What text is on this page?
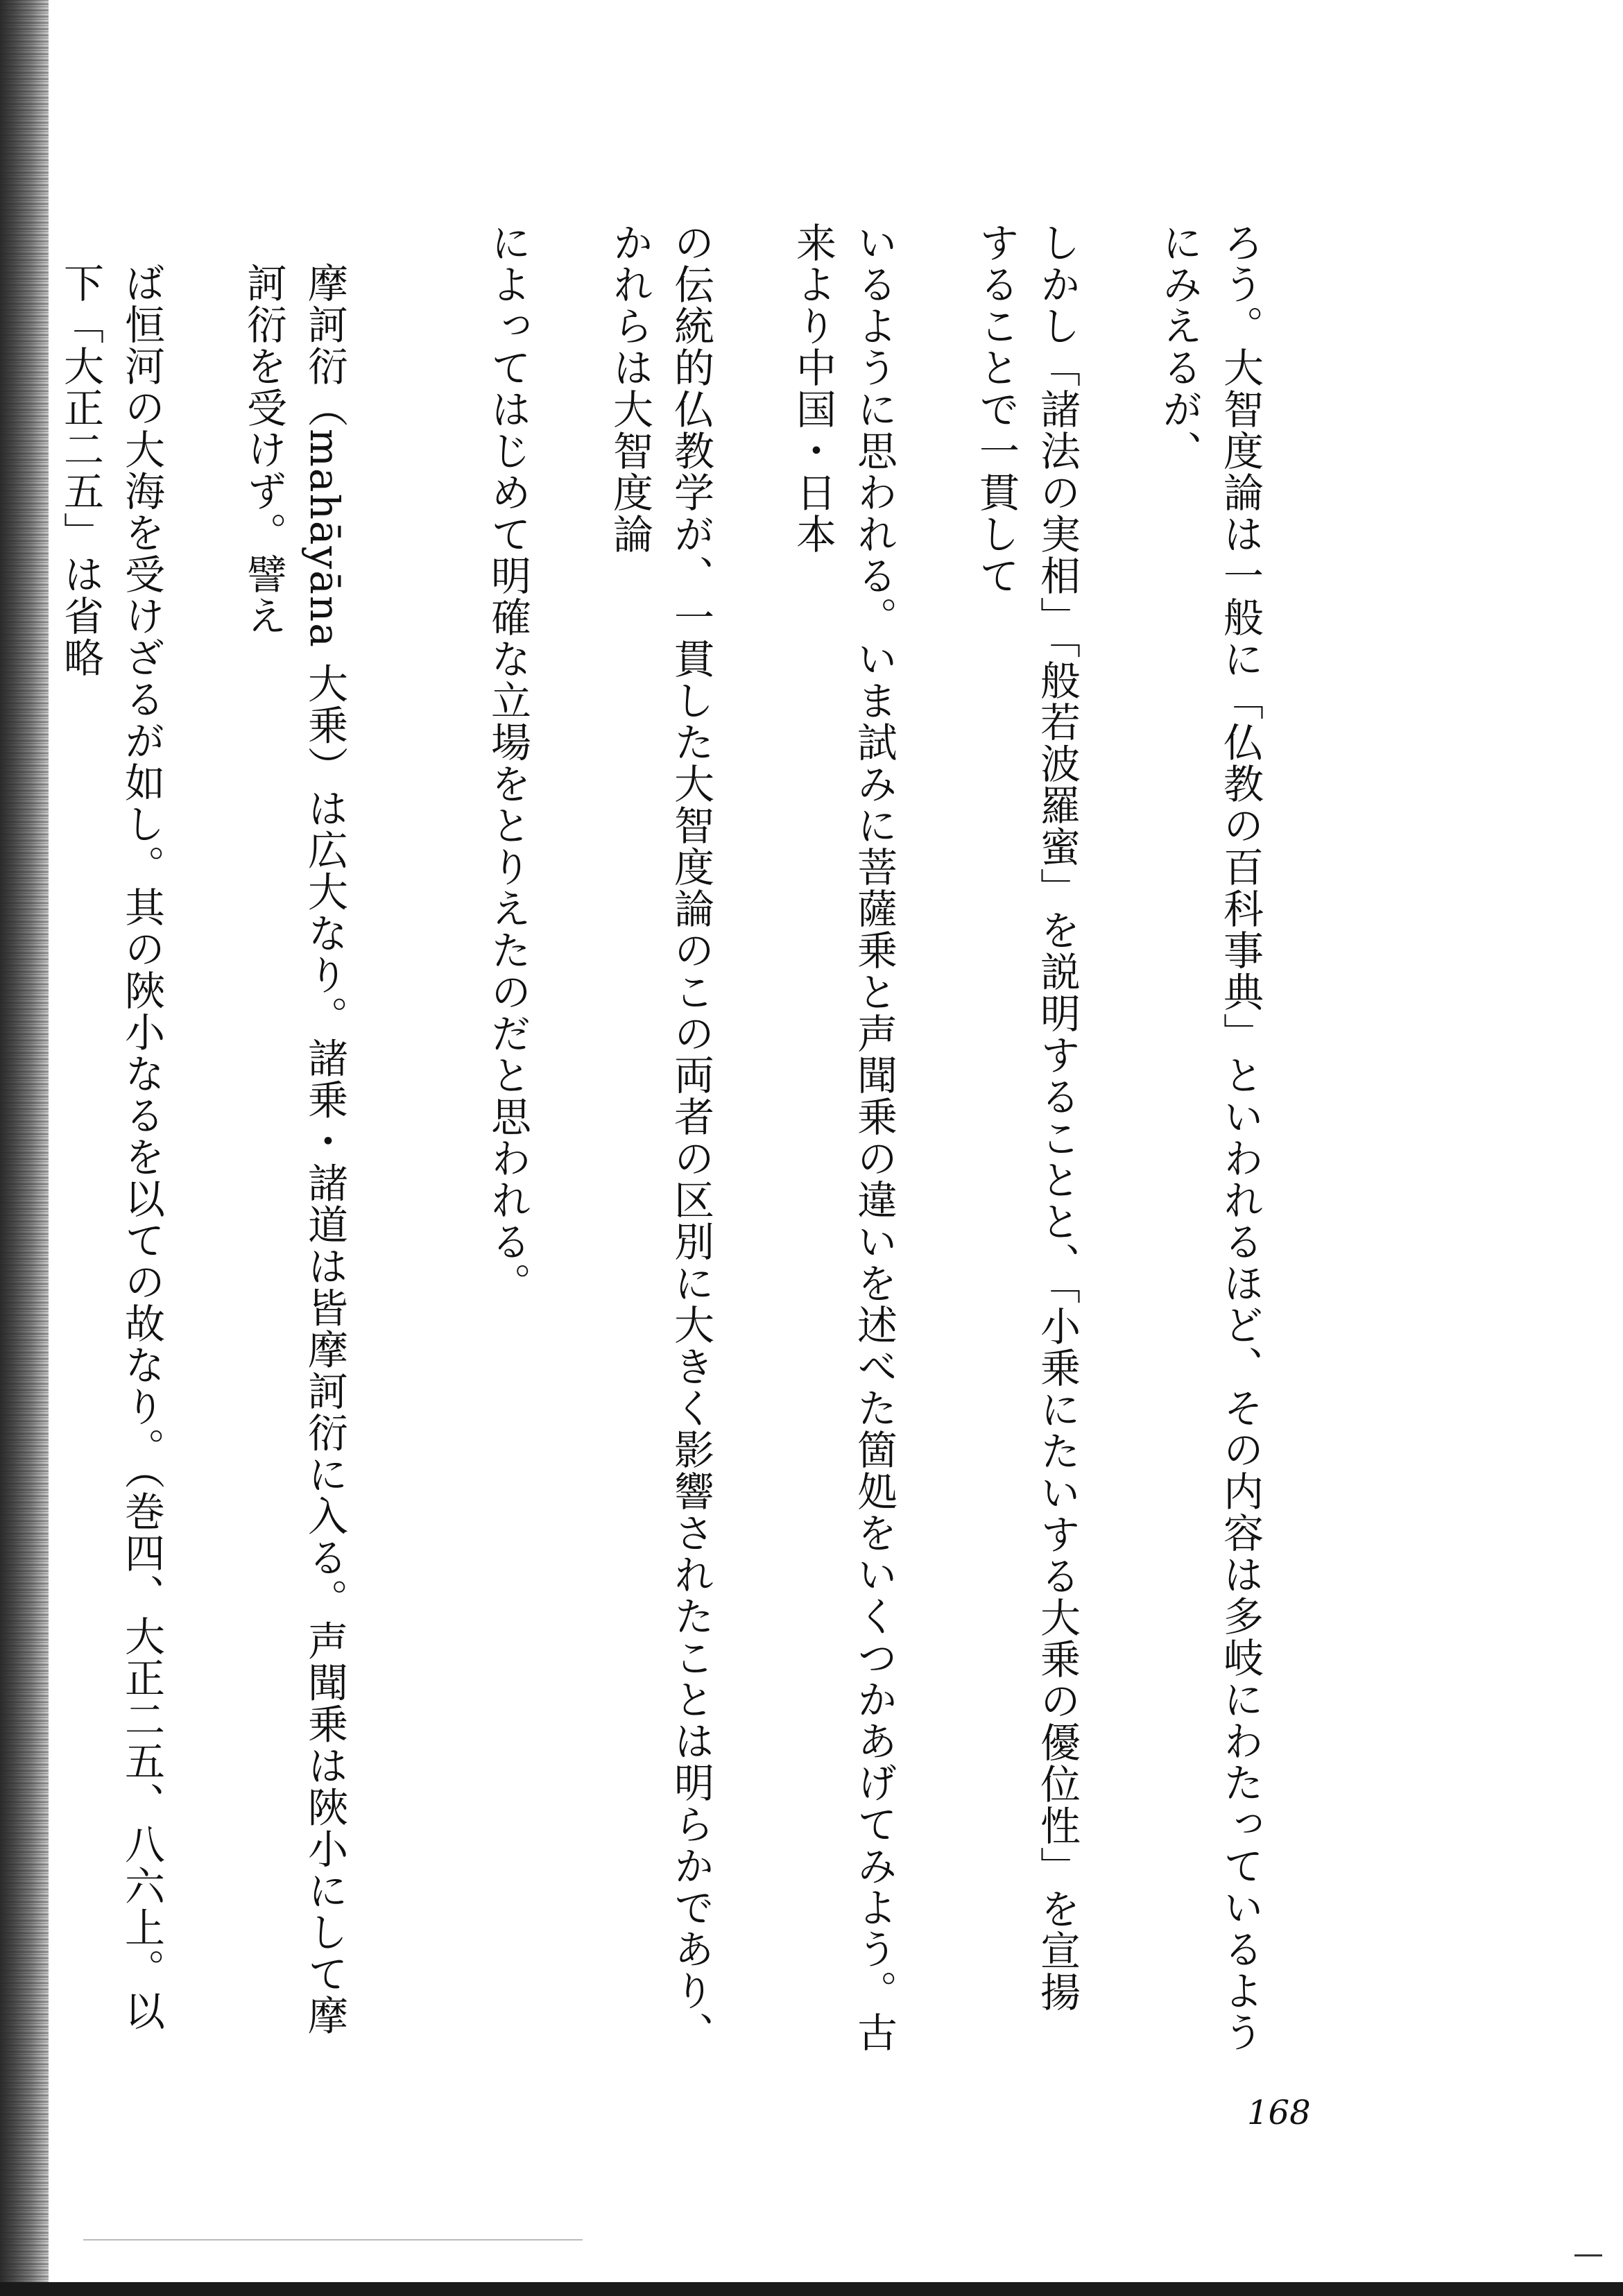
ろう。大智度論は一般に「仏教の百科事典」といわれるほど、その内容は多岐にわたっているようにみえるが、

しかし「諸法の実相」「般若波羅蜜」を説明することと、「小乗にたいする大乗の優位性」を宣揚することで一貫して

いるように思われる。いま試みに菩薩乗と声聞乗の違いを述べた箇処をいくつかあげてみよう。古来より中国・日本

の伝統的仏教学が、一貫した大智度論のこの両者の区別に大きく影響されたことは明らかであり、かれらは大智度論

によってはじめて明確な立場をとりえたのだと思われる。

摩訶衍（mahāyāna 大乗）は広大なり。諸乗・諸道は皆摩訶衍に入る。声聞乗は陜小にして摩訶衍を受けず。譬え

ば恒河の大海を受けざるが如し。其の陜小なるを以ての故なり。（巻四、大正二五、八六上。以下「大正二五」は省略

168
